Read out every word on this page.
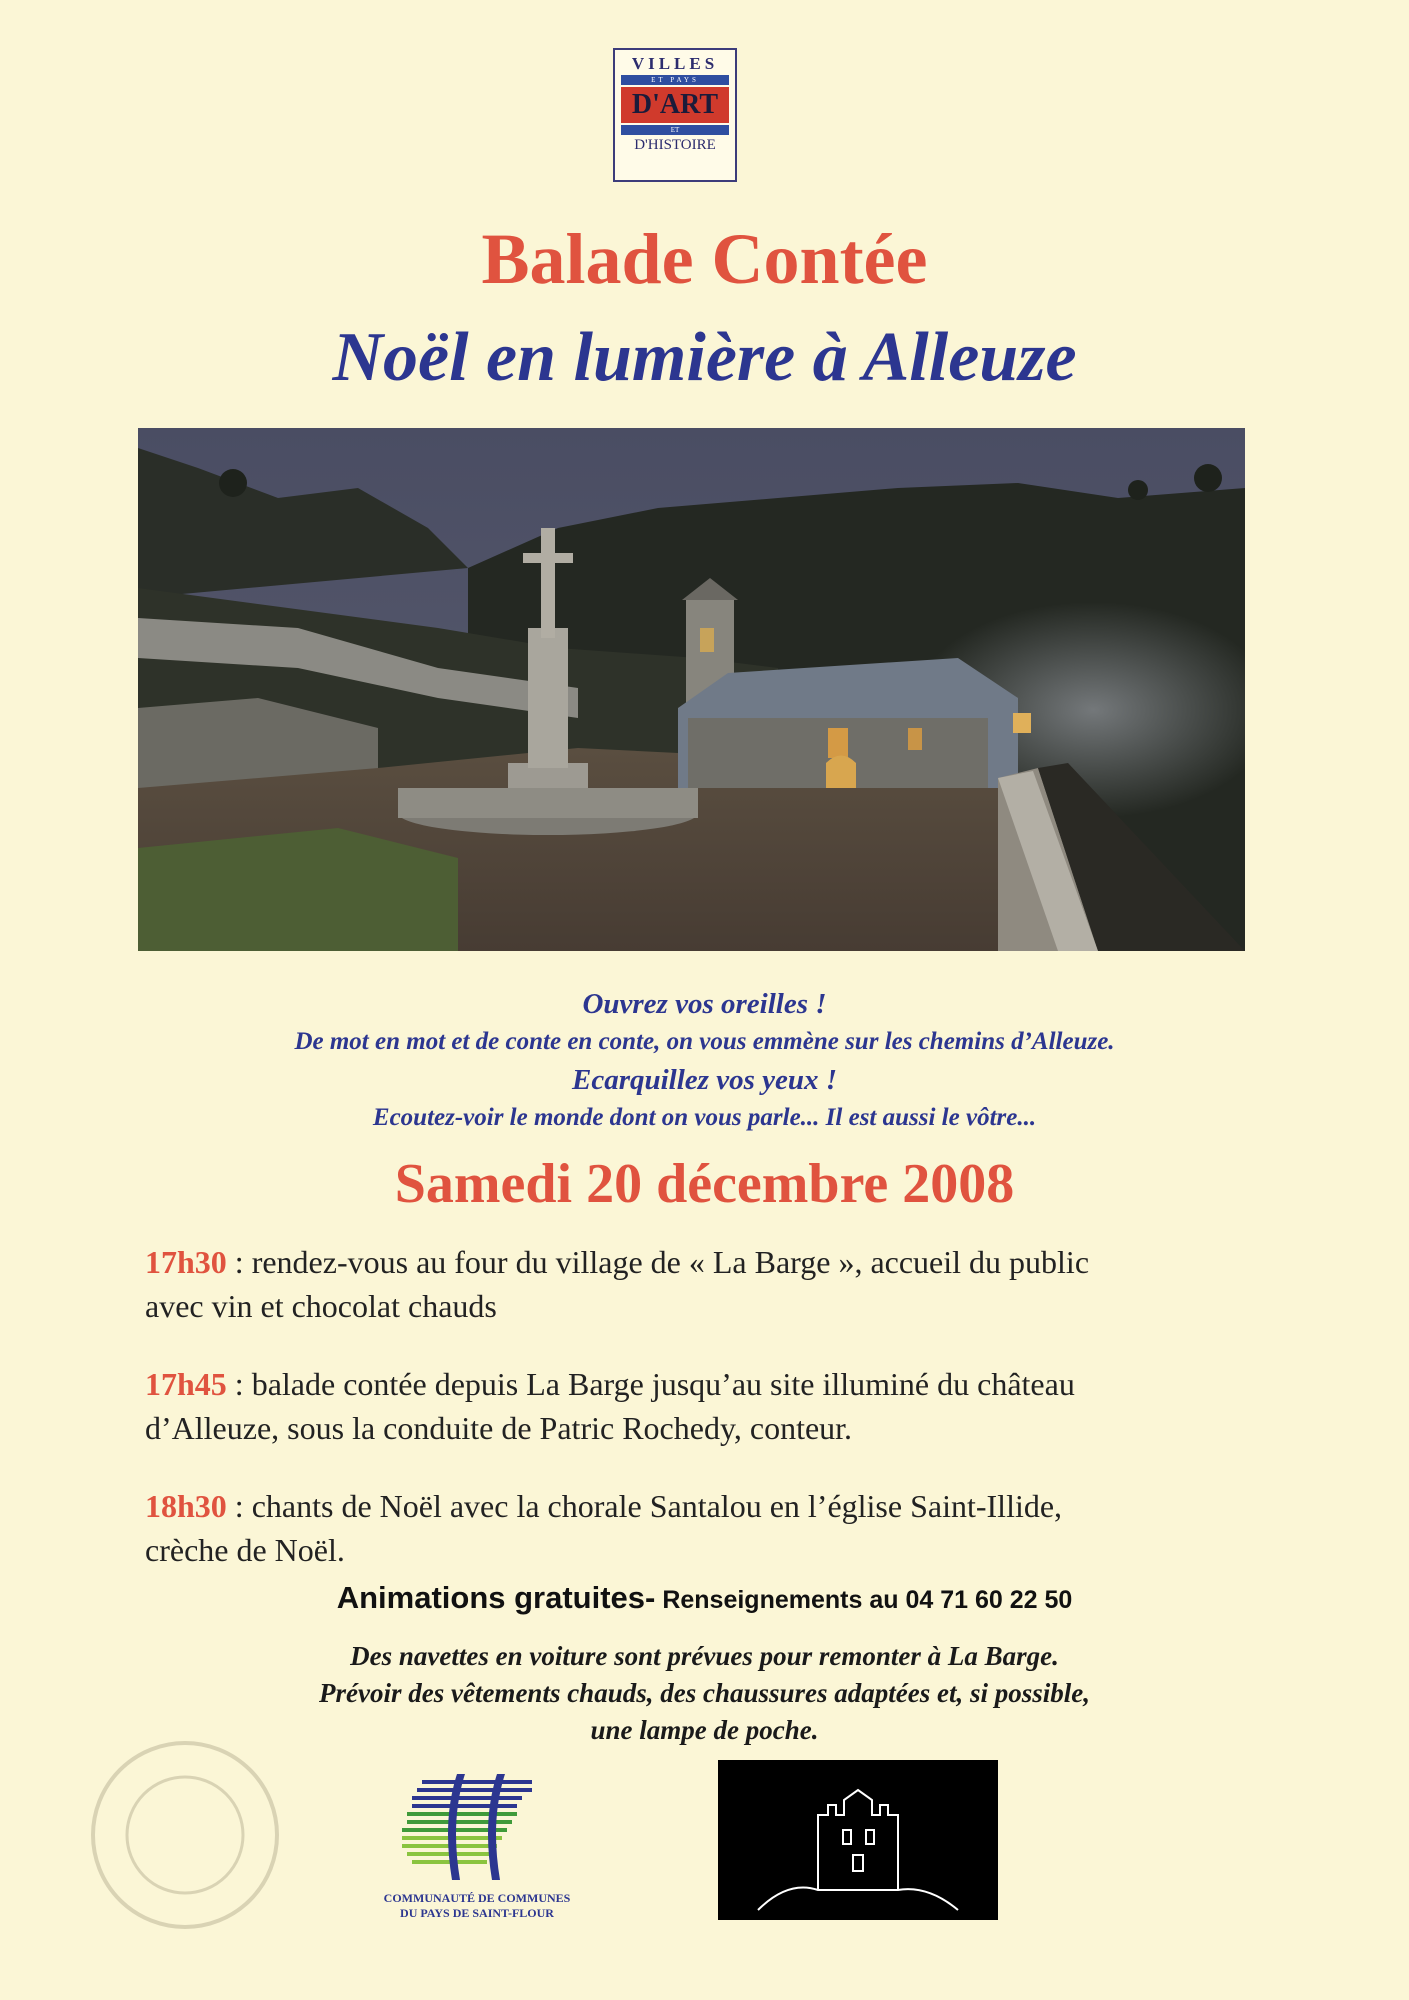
VILLES
ET PAYS
D'ART
ET
D'HISTOIRE
Balade Contée
Noël en lumière à Alleuze
Ouvrez vos oreilles !
De mot en mot et de conte en conte, on vous emmène sur les chemins d’Alleuze.
Ecarquillez vos yeux !
Ecoutez-voir le monde dont on vous parle... Il est aussi le vôtre...
Samedi 20 décembre 2008
17h30 : rendez-vous au four du village de « La Barge », accueil du public
avec vin et chocolat chauds
17h45 : balade contée depuis La Barge jusqu’au site illuminé du château
d’Alleuze, sous la conduite de Patric Rochedy, conteur.
18h30 : chants de Noël avec la chorale Santalou en l’église Saint-Illide,
crèche de Noël.
Animations gratuites- Renseignements au 04 71 60 22 50
Des navettes en voiture sont prévues pour remonter à La Barge.
Prévoir des vêtements chauds, des chaussures adaptées et, si possible,
une lampe de poche.
COMMUNAUTÉ DE COMMUNES
DU PAYS DE SAINT-FLOUR
